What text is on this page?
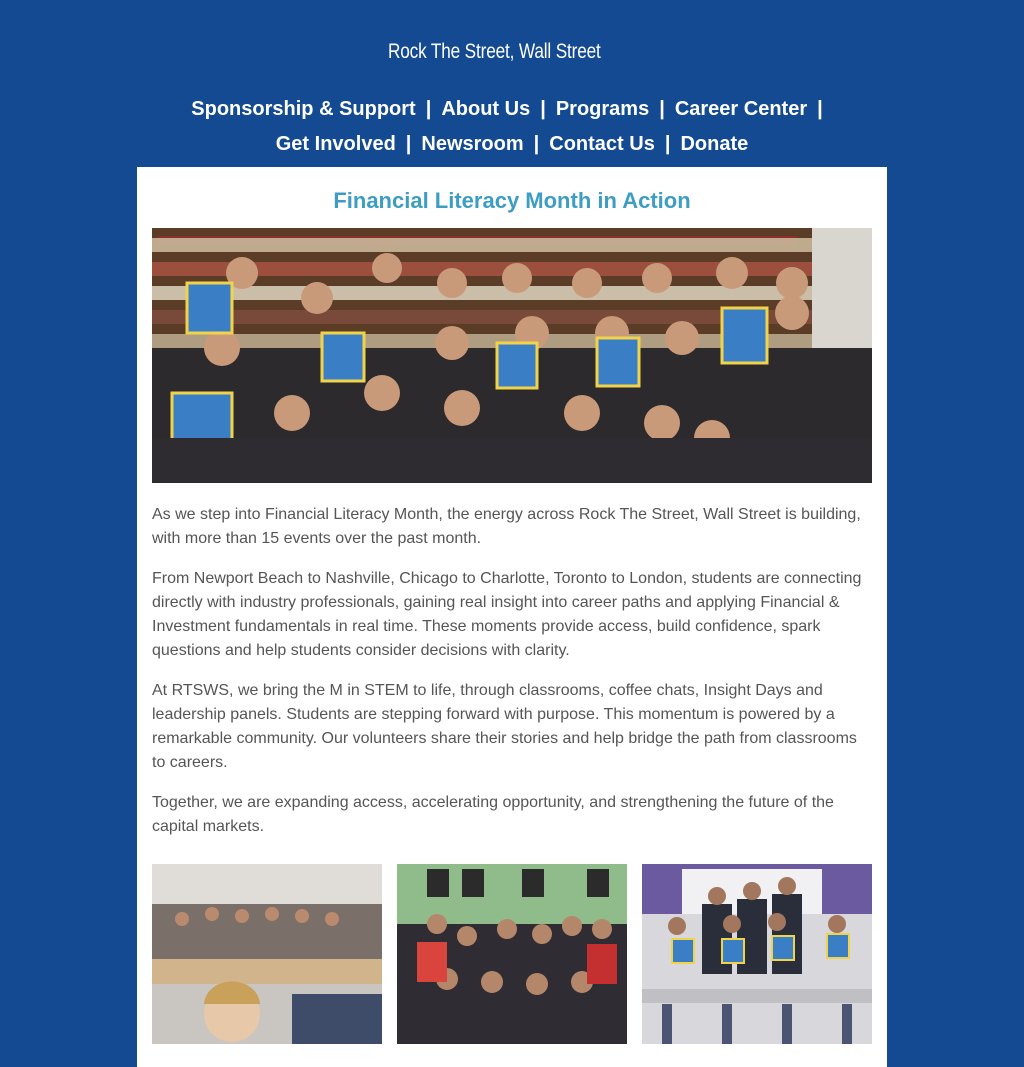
Rock The Street, Wall Street
Sponsorship & Support | About Us | Programs | Career Center |
Get Involved | Newsroom | Contact Us | Donate
Financial Literacy Month in Action

As we step into Financial Literacy Month, the energy across Rock The Street, Wall Street is building, with more than 15 events over the past month.

From Newport Beach to Nashville, Chicago to Charlotte, Toronto to London, students are connecting directly with industry professionals, gaining real insight into career paths and applying Financial & Investment fundamentals in real time. These moments provide access, build confidence, spark questions and help students consider decisions with clarity.

At RTSWS, we bring the M in STEM to life, through classrooms, coffee chats, Insight Days and leadership panels. Students are stepping forward with purpose. This momentum is powered by a remarkable community. Our volunteers share their stories and help bridge the path from classrooms to careers.

Together, we are expanding access, accelerating opportunity, and strengthening the future of the capital markets.
